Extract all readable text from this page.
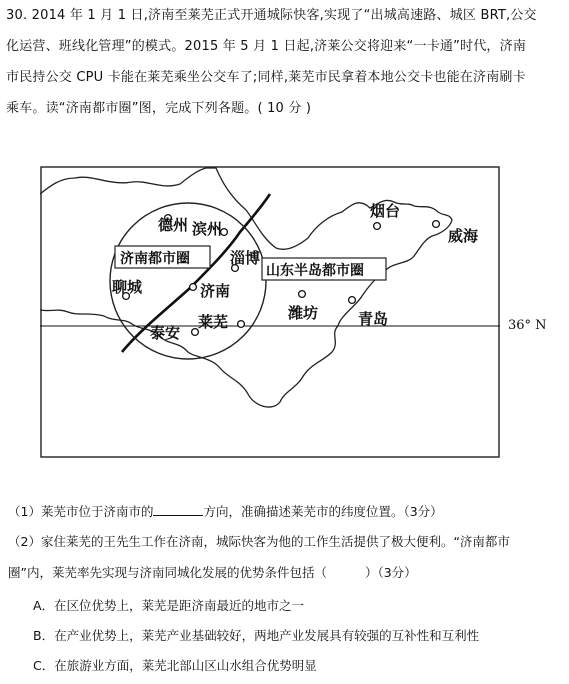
30. 2014 年 1 月 1 日,济南至莱芜正式开通城际快客,实现了“出城高速路、城区 BRT,公交
化运营、班线化管理”的模式。2015 年 5 月 1 日起,济莱公交将迎来“一卡通”时代，济南
市民持公交 CPU 卡能在莱芜乘坐公交车了;同样,莱芜市民拿着本地公交卡也能在济南刷卡
乘车。读“济南都市圈”图，完成下列各题。( 10 分 )
济南都市圈
山东半岛都市圈
德州 滨州
淄博
济南
聊城
莱芜
泰安
潍坊	青岛
烟台
威海
36° N
（1）莱芜市位于济南市的	方向，准确描述莱芜市的纬度位置。（3分）
（2）家住莱芜的王先生工作在济南，城际快客为他的工作生活提供了极大便利。“济南都市
圈”内，莱芜率先实现与济南同城化发展的优势条件包括（	）（3分）
A．在区位优势上，莱芜是距济南最近的地市之一
B．在产业优势上，莱芜产业基础较好，两地产业发展具有较强的互补性和互利性
C．在旅游业方面，莱芜北部山区山水组合优势明显
